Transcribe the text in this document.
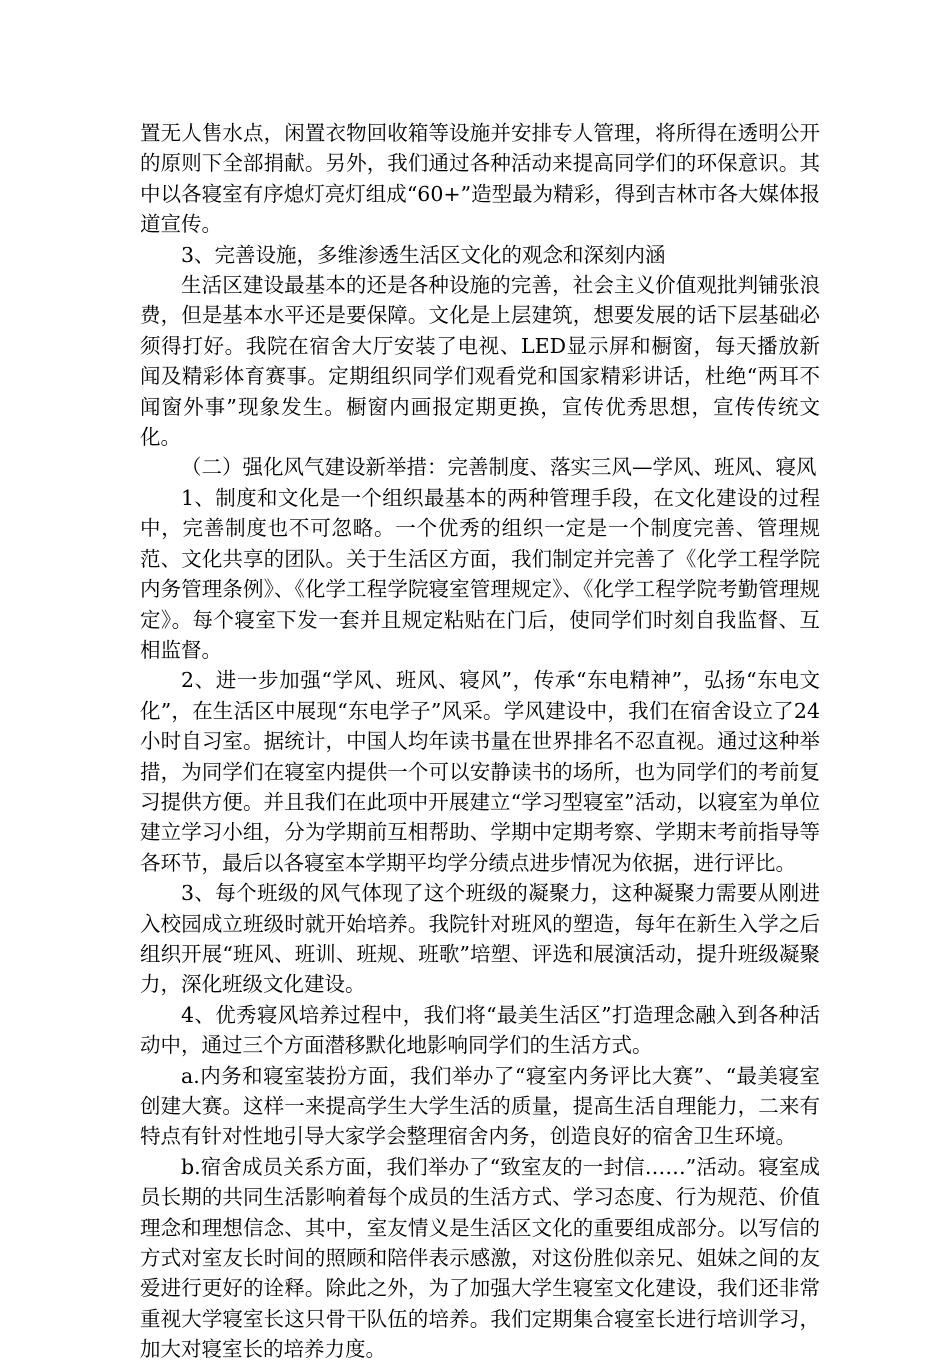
置无人售水点，闲置衣物回收箱等设施并安排专人管理，将所得在透明公开的原则下全部捐献。另外，我们通过各种活动来提高同学们的环保意识。其中以各寝室有序熄灯亮灯组成“60+”造型最为精彩，得到吉林市各大媒体报道宣传。

3、完善设施，多维渗透生活区文化的观念和深刻内涵

生活区建设最基本的还是各种设施的完善，社会主义价值观批判铺张浪费，但是基本水平还是要保障。文化是上层建筑，想要发展的话下层基础必须得打好。我院在宿舍大厅安装了电视、LED显示屏和橱窗，每天播放新闻及精彩体育赛事。定期组织同学们观看党和国家精彩讲话，杜绝“两耳不闻窗外事”现象发生。橱窗内画报定期更换，宣传优秀思想，宣传传统文化。

（二）强化风气建设新举措：完善制度、落实三风—学风、班风、寝风

1、制度和文化是一个组织最基本的两种管理手段，在文化建设的过程中，完善制度也不可忽略。一个优秀的组织一定是一个制度完善、管理规范、文化共享的团队。关于生活区方面，我们制定并完善了《化学工程学院内务管理条例》、《化学工程学院寝室管理规定》、《化学工程学院考勤管理规定》。每个寝室下发一套并且规定粘贴在门后，使同学们时刻自我监督、互相监督。

2、进一步加强“学风、班风、寝风”，传承“东电精神”，弘扬“东电文化”，在生活区中展现“东电学子”风采。学风建设中，我们在宿舍设立了24小时自习室。据统计，中国人均年读书量在世界排名不忍直视。通过这种举措，为同学们在寝室内提供一个可以安静读书的场所，也为同学们的考前复习提供方便。并且我们在此项中开展建立“学习型寝室”活动，以寝室为单位建立学习小组，分为学期前互相帮助、学期中定期考察、学期末考前指导等各环节，最后以各寝室本学期平均学分绩点进步情况为依据，进行评比。

3、每个班级的风气体现了这个班级的凝聚力，这种凝聚力需要从刚进入校园成立班级时就开始培养。我院针对班风的塑造，每年在新生入学之后组织开展“班风、班训、班规、班歌”培塑、评选和展演活动，提升班级凝聚力，深化班级文化建设。

4、优秀寝风培养过程中，我们将“最美生活区”打造理念融入到各种活动中，通过三个方面潜移默化地影响同学们的生活方式。

a.内务和寝室装扮方面，我们举办了“寝室内务评比大赛”、“最美寝室创建大赛。这样一来提高学生大学生活的质量，提高生活自理能力，二来有特点有针对性地引导大家学会整理宿舍内务，创造良好的宿舍卫生环境。

b.宿舍成员关系方面，我们举办了“致室友的一封信……”活动。寝室成员长期的共同生活影响着每个成员的生活方式、学习态度、行为规范、价值理念和理想信念、其中，室友情义是生活区文化的重要组成部分。以写信的方式对室友长时间的照顾和陪伴表示感激，对这份胜似亲兄、姐妹之间的友爱进行更好的诠释。除此之外，为了加强大学生寝室文化建设，我们还非常重视大学寝室长这只骨干队伍的培养。我们定期集合寝室长进行培训学习，加大对寝室长的培养力度。
